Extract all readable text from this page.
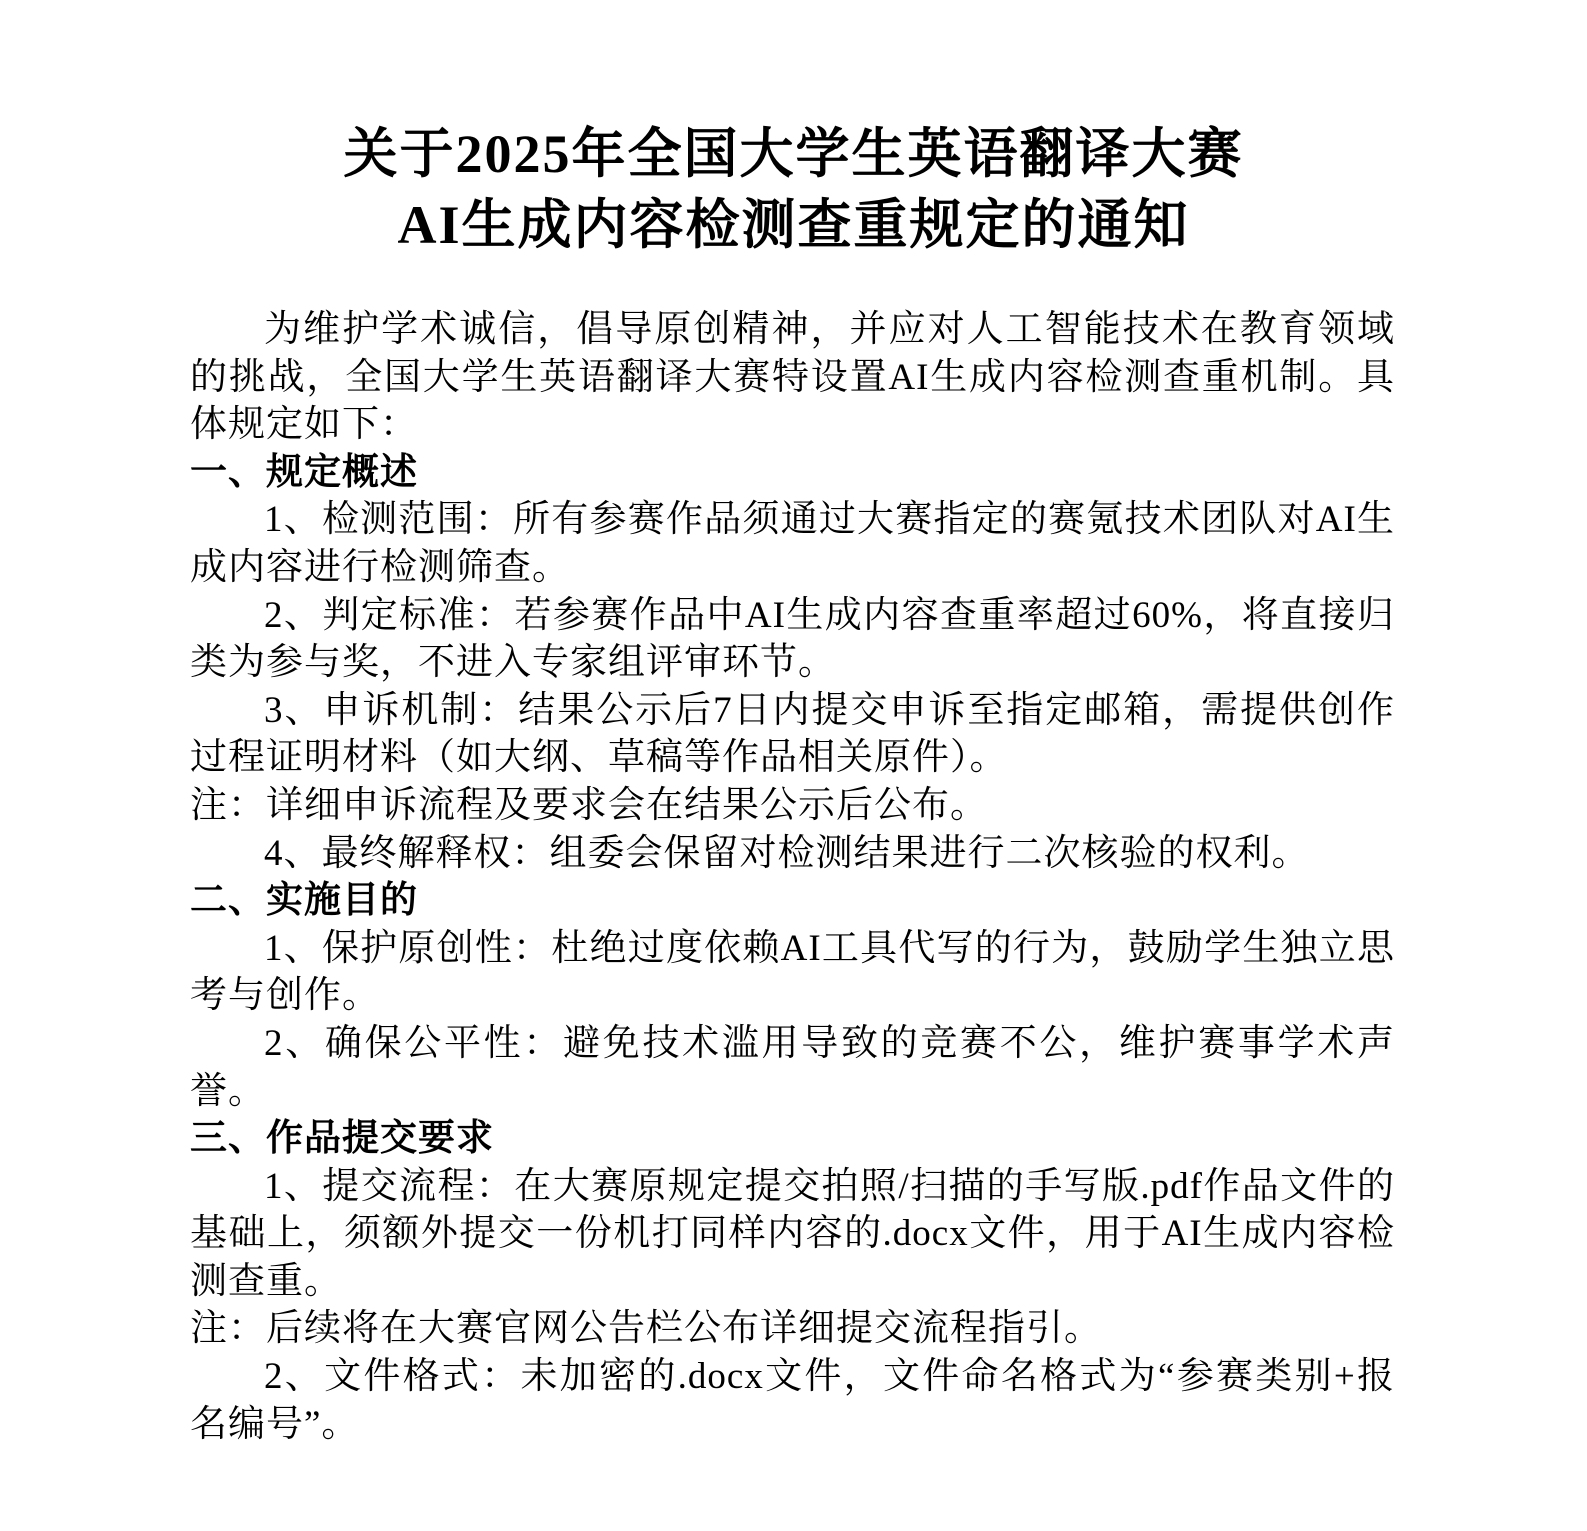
关于2025年全国大学生英语翻译大赛
AI生成内容检测查重规定的通知

为维护学术诚信，倡导原创精神，并应对人工智能技术在教育领域的挑战，全国大学生英语翻译大赛特设置AI生成内容检测查重机制。具体规定如下：

一、规定概述

1、检测范围：所有参赛作品须通过大赛指定的赛氪技术团队对AI生成内容进行检测筛查。

2、判定标准：若参赛作品中AI生成内容查重率超过60%，将直接归类为参与奖，不进入专家组评审环节。

3、申诉机制：结果公示后7日内提交申诉至指定邮箱，需提供创作过程证明材料（如大纲、草稿等作品相关原件）。

注：详细申诉流程及要求会在结果公示后公布。

4、最终解释权：组委会保留对检测结果进行二次核验的权利。

二、实施目的

1、保护原创性：杜绝过度依赖AI工具代写的行为，鼓励学生独立思考与创作。

2、确保公平性：避免技术滥用导致的竞赛不公，维护赛事学术声誉。

三、作品提交要求

1、提交流程：在大赛原规定提交拍照/扫描的手写版.pdf作品文件的基础上，须额外提交一份机打同样内容的.docx文件，用于AI生成内容检测查重。

注：后续将在大赛官网公告栏公布详细提交流程指引。

2、文件格式：未加密的.docx文件，文件命名格式为“参赛类别+报名编号”。
